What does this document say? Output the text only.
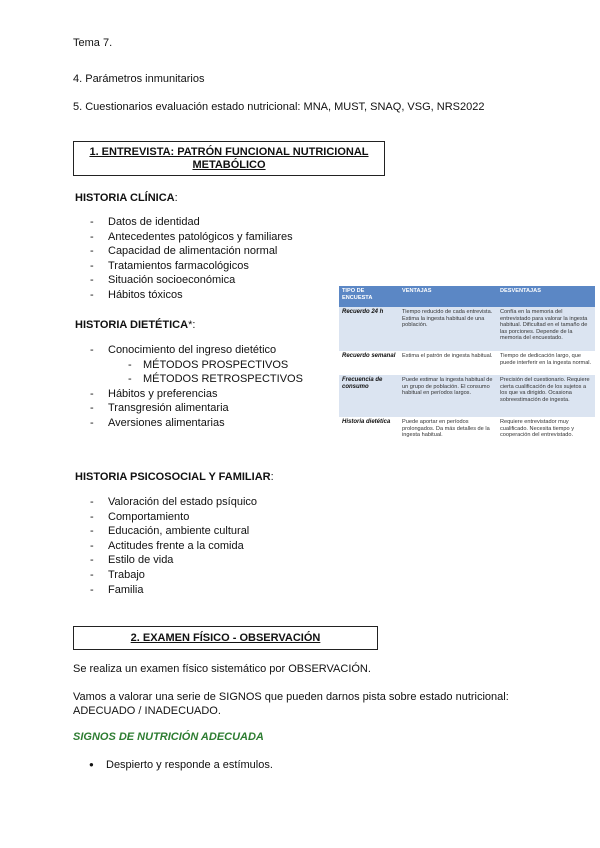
Tema 7.
4. Parámetros inmunitarios
5. Cuestionarios evaluación estado nutricional: MNA, MUST, SNAQ, VSG, NRS2022
1. ENTREVISTA: PATRÓN FUNCIONAL NUTRICIONAL
METABÓLICO
HISTORIA CLÍNICA:
- Datos de identidad
- Antecedentes patológicos y familiares
- Capacidad de alimentación normal
- Tratamientos farmacológicos
- Situación socioeconómica
- Hábitos tóxicos
HISTORIA DIETÉTICA*:
- Conocimiento del ingreso dietético
- MÉTODOS PROSPECTIVOS
- MÉTODOS RETROSPECTIVOS
- Hábitos y preferencias
- Transgresión alimentaria
- Aversiones alimentarias
TIPO DE ENCUESTA	VENTAJAS	DESVENTAJAS
Recuerdo 24 h	Tiempo reducido de cada entrevista. Estima la ingesta habitual de una población.	Confía en la memoria del entrevistado para valorar la ingesta habitual. Dificultad en el tamaño de las porciones. Depende de la memoria del encuestado.
Recuerdo semanal	Estima el patrón de ingesta habitual.	Tiempo de dedicación largo, que puede interferir en la ingesta normal.
Frecuencia de consumo	Puede estimar la ingesta habitual de un grupo de población. El consumo habitual en períodos largos.	Precisión del cuestionario. Requiere cierta cualificación de los sujetos a los que va dirigido. Ocasiona sobreestimación de ingesta.
Historia dietética	Puede aportar en períodos prolongados. Da más detalles de la ingesta habitual.	Requiere entrevistador muy cualificado. Necesita tiempo y cooperación del entrevistado.
HISTORIA PSICOSOCIAL Y FAMILIAR:
- Valoración del estado psíquico
- Comportamiento
- Educación, ambiente cultural
- Actitudes frente a la comida
- Estilo de vida
- Trabajo
- Familia
2. EXAMEN FÍSICO - OBSERVACIÓN
Se realiza un examen físico sistemático por OBSERVACIÓN.
Vamos a valorar una serie de SIGNOS que pueden darnos pista sobre estado nutricional:
ADECUADO / INADECUADO.
SIGNOS DE NUTRICIÓN ADECUADA
● Despierto y responde a estímulos.
